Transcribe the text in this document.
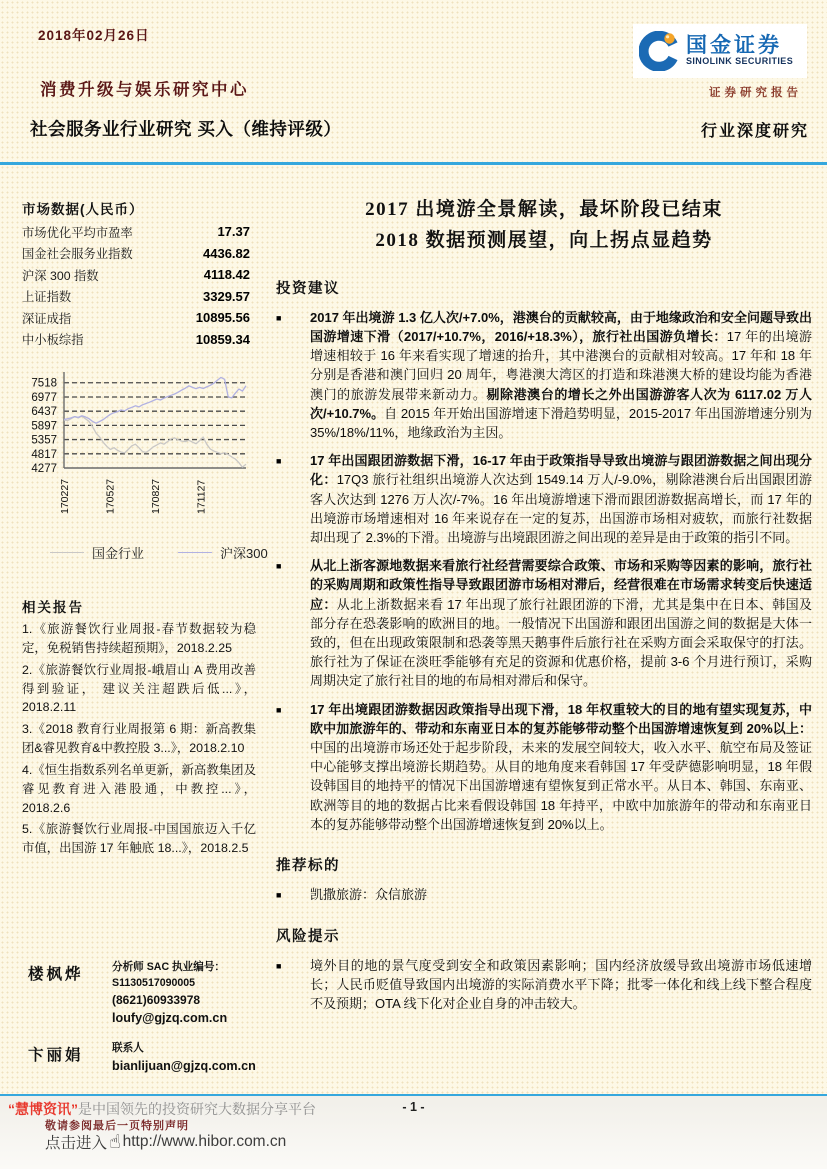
2018年02月26日	国金证券
SINOLINK SECURITIES
证券研究报告
消费升级与娱乐研究中心
社会服务业行业研究 买入（维持评级）	行业深度研究
市场数据(人民币）
市场优化平均市盈率	17.37
国金社会服务业指数	4436.82
沪深 300 指数	4118.42
上证指数	3329.57
深证成指	10895.56
中小板综指	10859.34
7518
6977
6437
5897
5357
4817
4277
170227	170527	170827	171127
国金行业	沪深300
相关报告
1.《旅游餐饮行业周报-春节数据较为稳定，免税销售持续超预期》，2018.2.25
2.《旅游餐饮行业周报-峨眉山 A 费用改善得到验证， 建议关注超跌后低...》，2018.2.11
3.《2018 教育行业周报第 6 期：新高教集团&睿见教育&中教控股 3...》，2018.2.10
4.《恒生指数系列名单更新，新高教集团及睿见教育进入港股通，中教控...》，2018.2.6
5.《旅游餐饮行业周报-中国国旅迈入千亿市值，出国游 17 年触底 18...》，2018.2.5
楼枫烨	分析师 SAC 执业编号：S1130517090005
(8621)60933978
loufy@gjzq.com.cn
卞丽娟	联系人
bianlijuan@gjzq.com.cn
2017 出境游全景解读，最坏阶段已结束
2018 数据预测展望，向上拐点显趋势
投资建议
■	2017 年出境游 1.3 亿人次/+7.0%，港澳台的贡献较高，由于地缘政治和安全问题导致出国游增速下滑（2017/+10.7%，2016/+18.3%），旅行社出国游负增长：17 年的出境游增速相较于 16 年来看实现了增速的抬升，其中港澳台的贡献相对较高。17 年和 18 年分别是香港和澳门回归 20 周年，粤港澳大湾区的打造和珠港澳大桥的建设均能为香港澳门的旅游发展带来新动力。剔除港澳台的增长之外出国游游客人次为 6117.02 万人次/+10.7%。自 2015 年开始出国游增速下滑趋势明显，2015-2017 年出国游增速分别为 35%/18%/11%，地缘政治为主因。
■	17 年出国跟团游数据下滑，16-17 年由于政策指导导致出境游与跟团游数据之间出现分化：17Q3 旅行社组织出境游人次达到 1549.14 万人/-9.0%，剔除港澳台后出国跟团游客人次达到 1276 万人次/-7%。16 年出境游增速下滑而跟团游数据高增长，而 17 年的出境游市场增速相对 16 年来说存在一定的复苏，出国游市场相对疲软，而旅行社数据却出现了 2.3%的下滑。出境游与出境跟团游之间出现的差异是由于政策的指引不同。
■	从北上浙客源地数据来看旅行社经营需要综合政策、市场和采购等因素的影响，旅行社的采购周期和政策性指导导致跟团游市场相对滞后，经营很难在市场需求转变后快速适应：从北上浙数据来看 17 年出现了旅行社跟团游的下滑，尤其是集中在日本、韩国及部分存在恐袭影响的欧洲目的地。一般情况下出国游和跟团出国游之间的数据是大体一致的，但在出现政策限制和恐袭等黑天鹅事件后旅行社在采购方面会采取保守的打法。旅行社为了保证在淡旺季能够有充足的资源和优惠价格，提前 3-6 个月进行预订，采购周期决定了旅行社目的地的布局相对滞后和保守。
■	17 年出境跟团游数据因政策指导出现下滑，18 年权重较大的目的地有望实现复苏，中欧中加旅游年的、带动和东南亚日本的复苏能够带动整个出国游增速恢复到 20%以上：中国的出境游市场还处于起步阶段，未来的发展空间较大，收入水平、航空布局及签证中心能够支撑出境游长期趋势。从目的地角度来看韩国 17 年受萨德影响明显，18 年假设韩国目的地持平的情况下出国游增速有望恢复到正常水平。从日本、韩国、东南亚、欧洲等目的地的数据占比来看假设韩国 18 年持平，中欧中加旅游年的带动和东南亚日本的复苏能够带动整个出国游增速恢复到 20%以上。
推荐标的
■	凯撒旅游：众信旅游
风险提示
■	境外目的地的景气度受到安全和政策因素影响；国内经济放缓导致出境游市场低速增长；人民币贬值导致国内出境游的实际消费水平下降；批零一体化和线上线下整合程度不及预期；OTA 线下化对企业自身的冲击较大。
“慧博资讯”是中国领先的投资研究大数据分享平台	- 1 -
敬请参阅最后一页特别声明
点击进入 ☝ http://www.hibor.com.cn
